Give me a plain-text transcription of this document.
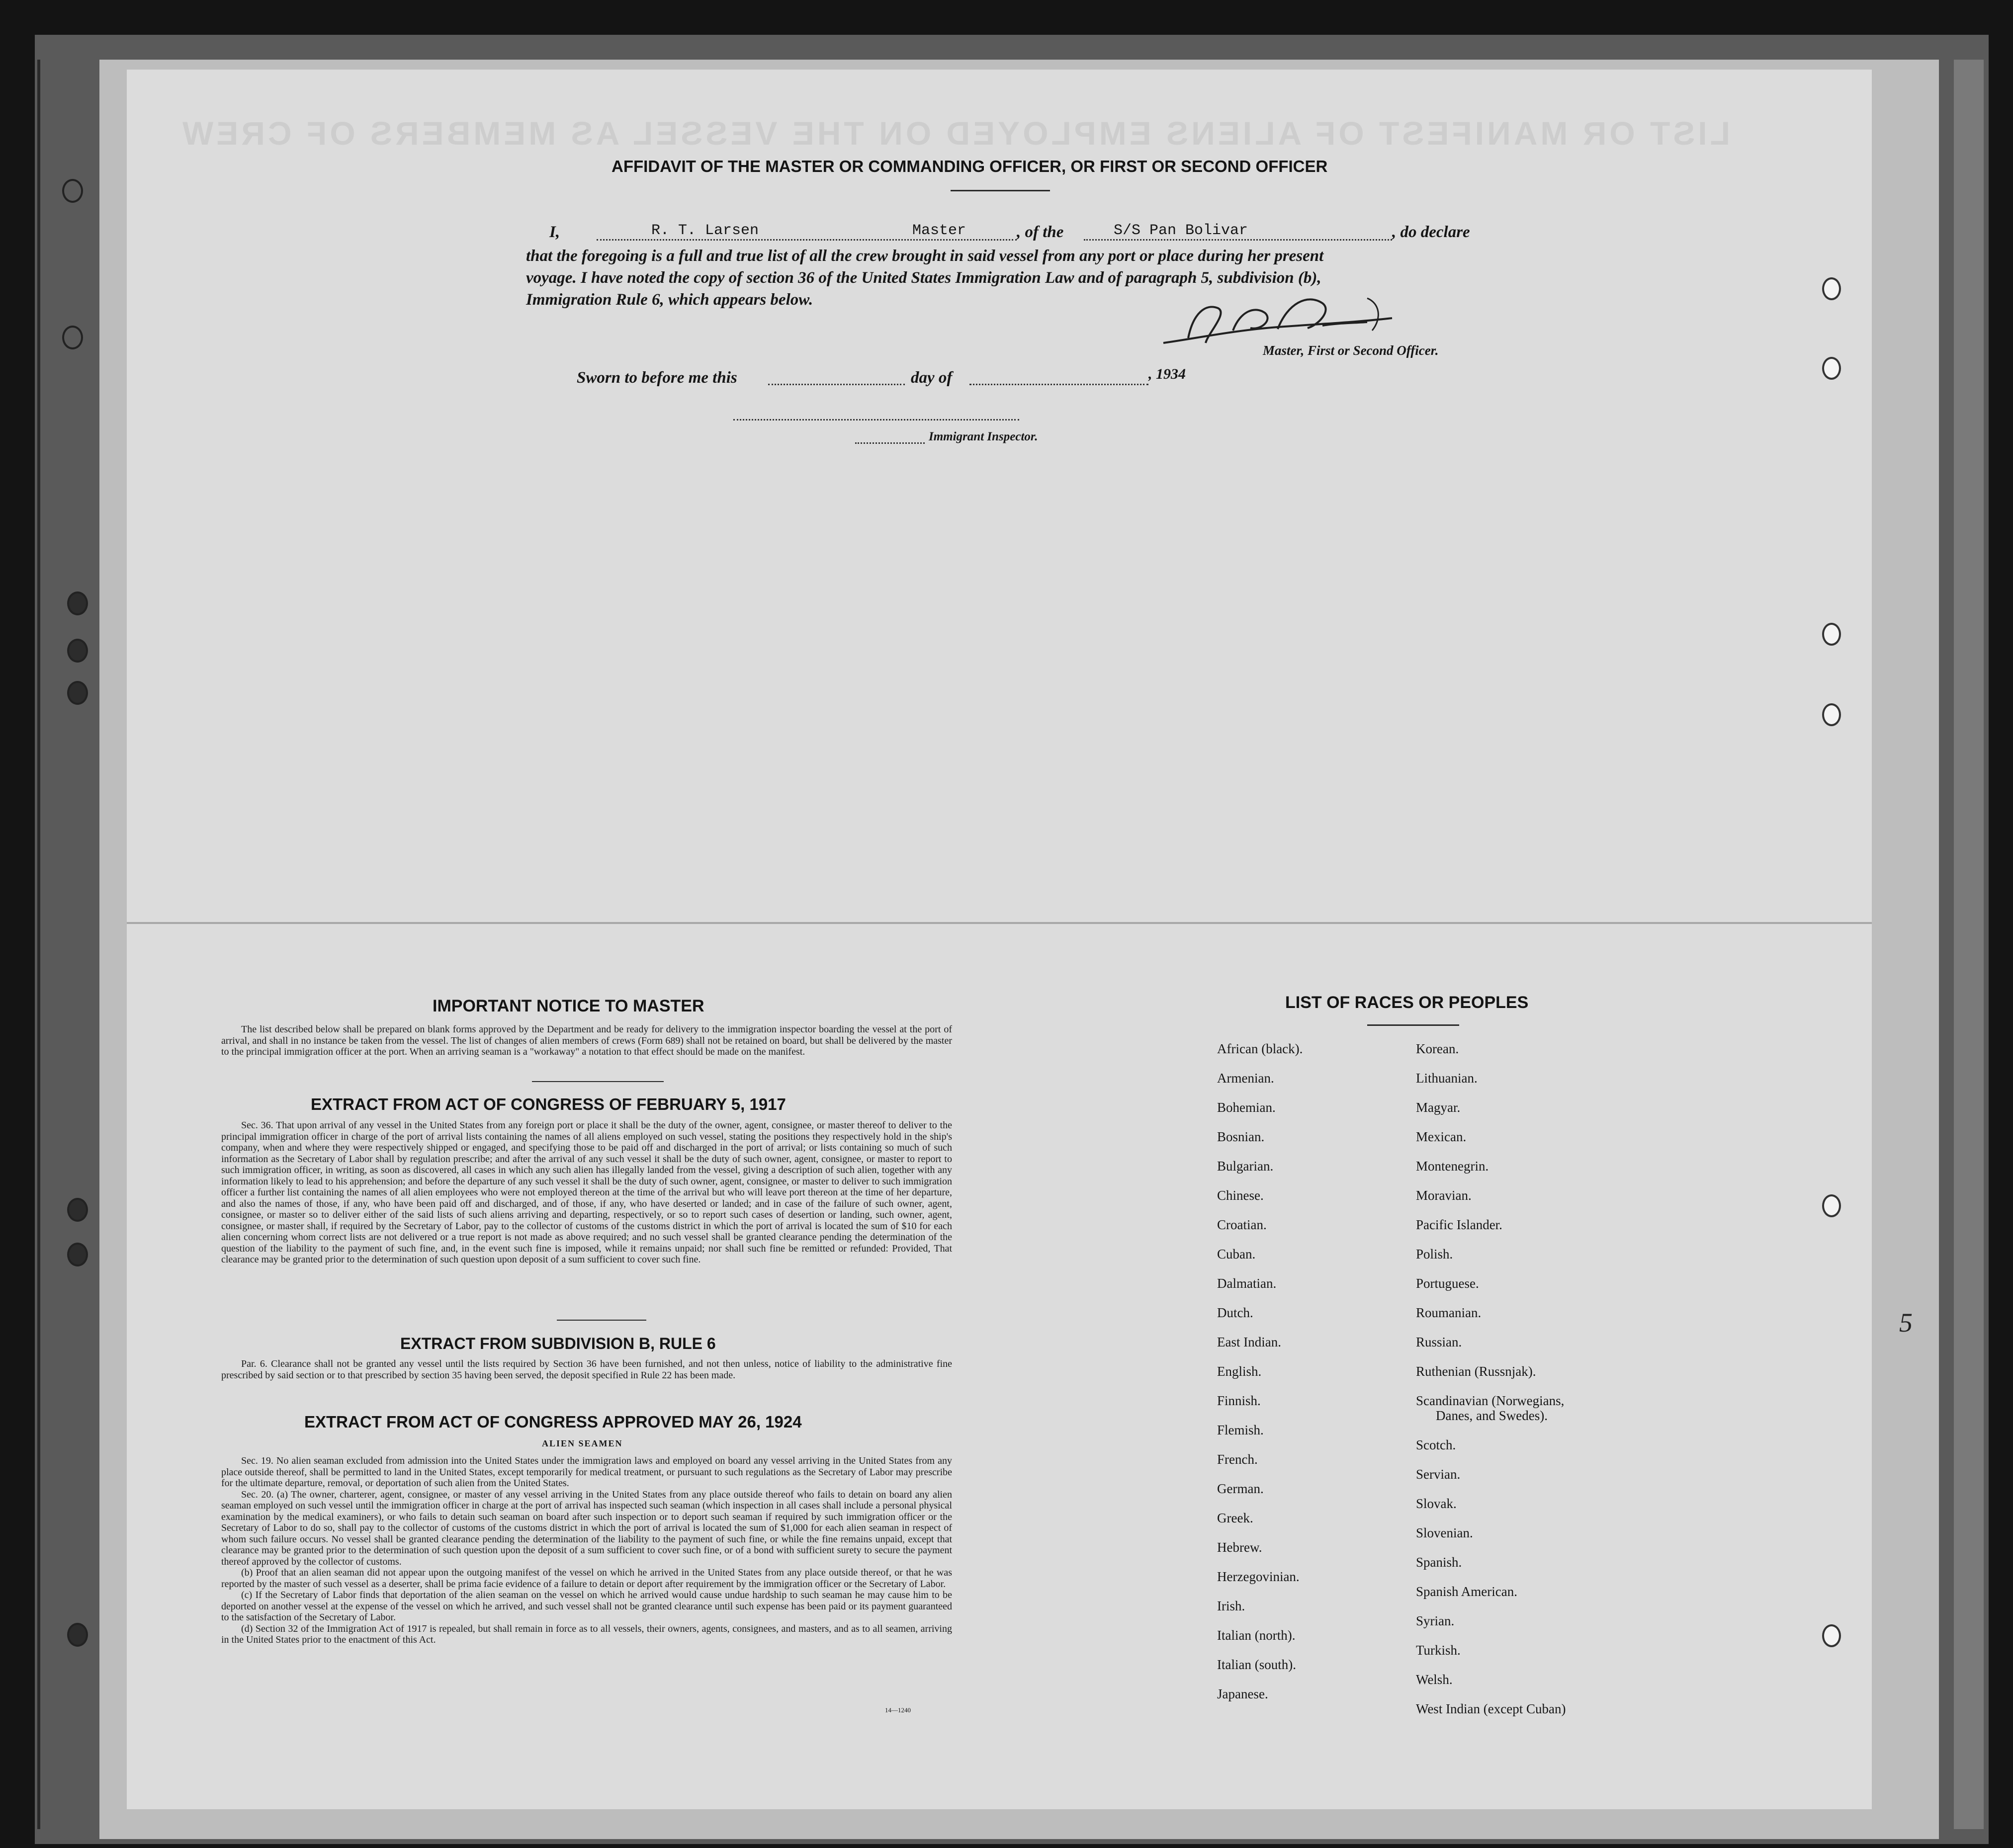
LIST OR MANIFEST OF ALIENS EMPLOYED ON THE VESSEL AS MEMBERS OF CREW
AFFIDAVIT OF THE MASTER OR COMMANDING OFFICER, OR FIRST OR SECOND OFFICER
I,	R. T. Larsen	Master	, of the	S/S Pan Bolivar	, do declare
that the foregoing is a full and true list of all the crew brought in said vessel from any port or place during her present
voyage. I have noted the copy of section 36 of the United States Immigration Law and of paragraph 5, subdivision (b),
Immigration Rule 6, which appears below.
Master, First or Second Officer.
Sworn to before me this	day of	, 1934
Immigrant Inspector.
IMPORTANT NOTICE TO MASTER

The list described below shall be prepared on blank forms approved by the Department and be ready for delivery to the immigration inspector boarding the vessel at the port of arrival, and shall in no instance be taken from the vessel. The list of changes of alien members of crews (Form 689) shall not be retained on board, but shall be delivered by the master to the principal immigration officer at the port. When an arriving seaman is a "workaway" a notation to that effect should be made on the manifest.

EXTRACT FROM ACT OF CONGRESS OF FEBRUARY 5, 1917

Sec. 36. That upon arrival of any vessel in the United States from any foreign port or place it shall be the duty of the owner, agent, consignee, or master thereof to deliver to the principal immigration officer in charge of the port of arrival lists containing the names of all aliens employed on such vessel, stating the positions they respectively hold in the ship's company, when and where they were respectively shipped or engaged, and specifying those to be paid off and discharged in the port of arrival; or lists containing so much of such information as the Secretary of Labor shall by regulation prescribe; and after the arrival of any such vessel it shall be the duty of such owner, agent, consignee, or master to report to such immigration officer, in writing, as soon as discovered, all cases in which any such alien has illegally landed from the vessel, giving a description of such alien, together with any information likely to lead to his apprehension; and before the departure of any such vessel it shall be the duty of such owner, agent, consignee, or master to deliver to such immigration officer a further list containing the names of all alien employees who were not employed thereon at the time of the arrival but who will leave port thereon at the time of her departure, and also the names of those, if any, who have been paid off and discharged, and of those, if any, who have deserted or landed; and in case of the failure of such owner, agent, consignee, or master so to deliver either of the said lists of such aliens arriving and departing, respectively, or so to report such cases of desertion or landing, such owner, agent, consignee, or master shall, if required by the Secretary of Labor, pay to the collector of customs of the customs district in which the port of arrival is located the sum of $10 for each alien concerning whom correct lists are not delivered or a true report is not made as above required; and no such vessel shall be granted clearance pending the determination of the question of the liability to the payment of such fine, and, in the event such fine is imposed, while it remains unpaid; nor shall such fine be remitted or refunded: Provided, That clearance may be granted prior to the determination of such question upon deposit of a sum sufficient to cover such fine.

EXTRACT FROM SUBDIVISION B, RULE 6

Par. 6. Clearance shall not be granted any vessel until the lists required by Section 36 have been furnished, and not then unless, notice of liability to the administrative fine prescribed by said section or to that prescribed by section 35 having been served, the deposit specified in Rule 22 has been made.

EXTRACT FROM ACT OF CONGRESS APPROVED MAY 26, 1924
ALIEN SEAMEN

Sec. 19. No alien seaman excluded from admission into the United States under the immigration laws and employed on board any vessel arriving in the United States from any place outside thereof, shall be permitted to land in the United States, except temporarily for medical treatment, or pursuant to such regulations as the Secretary of Labor may prescribe for the ultimate departure, removal, or deportation of such alien from the United States.

Sec. 20. (a) The owner, charterer, agent, consignee, or master of any vessel arriving in the United States from any place outside thereof who fails to detain on board any alien seaman employed on such vessel until the immigration officer in charge at the port of arrival has inspected such seaman (which inspection in all cases shall include a personal physical examination by the medical examiners), or who fails to detain such seaman on board after such inspection or to deport such seaman if required by such immigration officer or the Secretary of Labor to do so, shall pay to the collector of customs of the customs district in which the port of arrival is located the sum of $1,000 for each alien seaman in respect of whom such failure occurs. No vessel shall be granted clearance pending the determination of the liability to the payment of such fine, or while the fine remains unpaid, except that clearance may be granted prior to the determination of such question upon the deposit of a sum sufficient to cover such fine, or of a bond with sufficient surety to secure the payment thereof approved by the collector of customs.

(b) Proof that an alien seaman did not appear upon the outgoing manifest of the vessel on which he arrived in the United States from any place outside thereof, or that he was reported by the master of such vessel as a deserter, shall be prima facie evidence of a failure to detain or deport after requirement by the immigration officer or the Secretary of Labor.

(c) If the Secretary of Labor finds that deportation of the alien seaman on the vessel on which he arrived would cause undue hardship to such seaman he may cause him to be deported on another vessel at the expense of the vessel on which he arrived, and such vessel shall not be granted clearance until such expense has been paid or its payment guaranteed to the satisfaction of the Secretary of Labor.

(d) Section 32 of the Immigration Act of 1917 is repealed, but shall remain in force as to all vessels, their owners, agents, consignees, and masters, and as to all seamen, arriving in the United States prior to the enactment of this Act.

14—1240
LIST OF RACES OR PEOPLES
African (black).
Armenian.
Bohemian.
Bosnian.
Bulgarian.
Chinese.
Croatian.
Cuban.
Dalmatian.
Dutch.
East Indian.
English.
Finnish.
Flemish.
French.
German.
Greek.
Hebrew.
Herzegovinian.
Irish.
Italian (north).
Italian (south).
Japanese.
Korean.
Lithuanian.
Magyar.
Mexican.
Montenegrin.
Moravian.
Pacific Islander.
Polish.
Portuguese.
Roumanian.
Russian.
Ruthenian (Russnjak).
Scandinavian (Norwegians,
Danes, and Swedes).
Scotch.
Servian.
Slovak.
Slovenian.
Spanish.
Spanish American.
Syrian.
Turkish.
Welsh.
West Indian (except Cuban)
5
